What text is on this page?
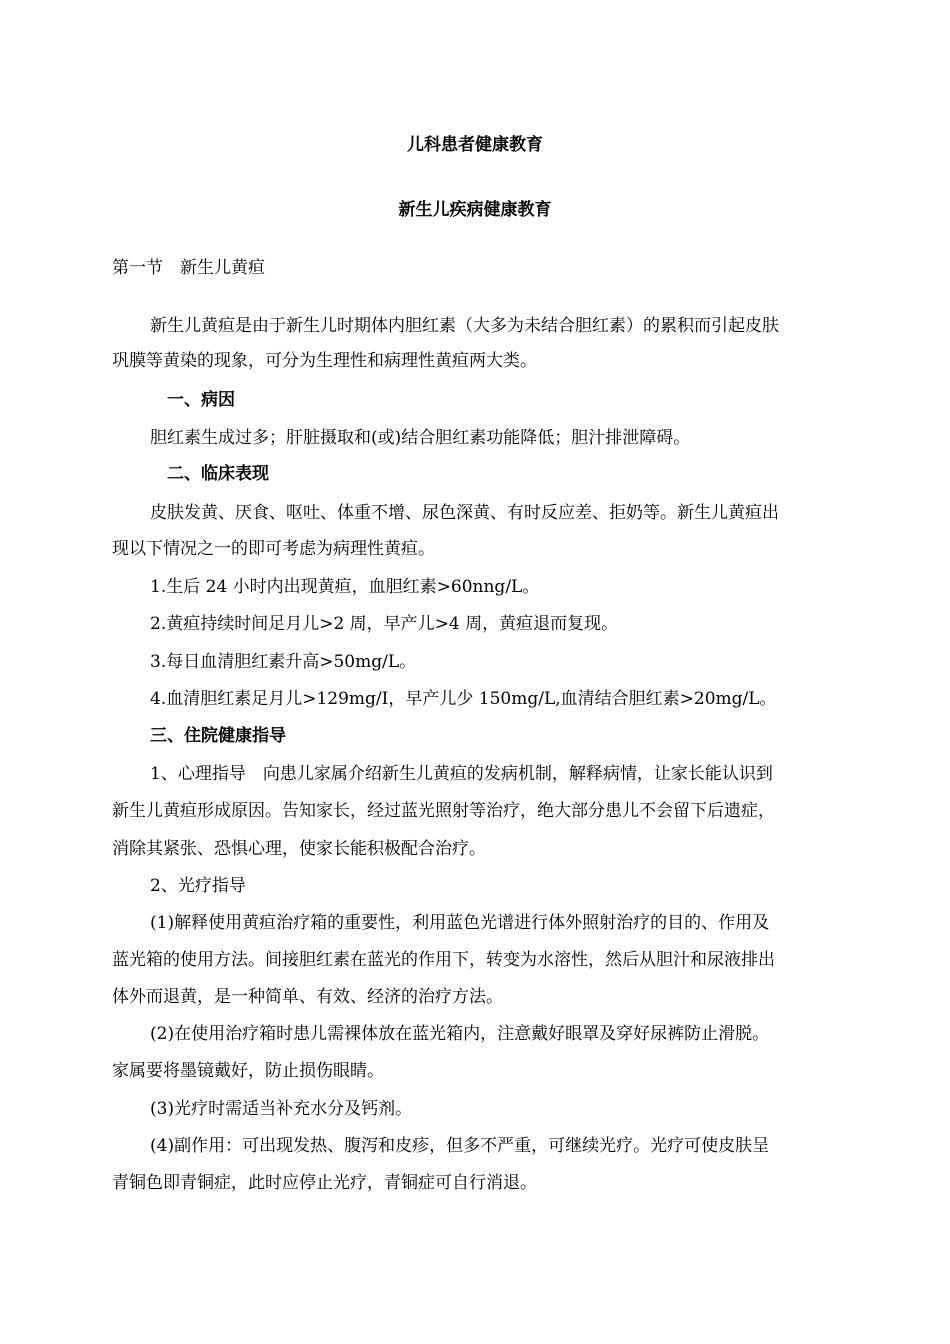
儿科患者健康教育
新生儿疾病健康教育
第一节　新生儿黄疸
新生儿黄疸是由于新生儿时期体内胆红素（大多为未结合胆红素）的累积而引起皮肤
巩膜等黄染的现象，可分为生理性和病理性黄疸两大类。
一、病因
胆红素生成过多；肝脏摄取和(或)结合胆红素功能降低；胆汁排泄障碍。
二、临床表现
皮肤发黄、厌食、呕吐、体重不增、尿色深黄、有时反应差、拒奶等。新生儿黄疸出
现以下情况之一的即可考虑为病理性黄疸。
1.生后 24 小时内出现黄疸，血胆红素>60nng/L。
2.黄疸持续时间足月儿>2 周，早产儿>4 周，黄疸退而复现。
3.每日血清胆红素升高>50mg/L。
4.血清胆红素足月儿>129mg/I，早产儿少 150mg/L,血清结合胆红素>20mg/L。
三、住院健康指导
1、心理指导　向患儿家属介绍新生儿黄疸的发病机制，解释病情，让家长能认识到
新生儿黄疸形成原因。告知家长，经过蓝光照射等治疗，绝大部分患儿不会留下后遗症，
消除其紧张、恐惧心理，使家长能积极配合治疗。
2、光疗指导
(1)解释使用黄疸治疗箱的重要性，利用蓝色光谱进行体外照射治疗的目的、作用及
蓝光箱的使用方法。间接胆红素在蓝光的作用下，转变为水溶性，然后从胆汁和尿液排出
体外而退黄，是一种简单、有效、经济的治疗方法。
(2)在使用治疗箱时患儿需裸体放在蓝光箱内，注意戴好眼罩及穿好尿裤防止滑脱。
家属要将墨镜戴好，防止损伤眼睛。
(3)光疗时需适当补充水分及钙剂。
(4)副作用：可出现发热、腹泻和皮疹，但多不严重，可继续光疗。光疗可使皮肤呈
青铜色即青铜症，此时应停止光疗，青铜症可自行消退。
